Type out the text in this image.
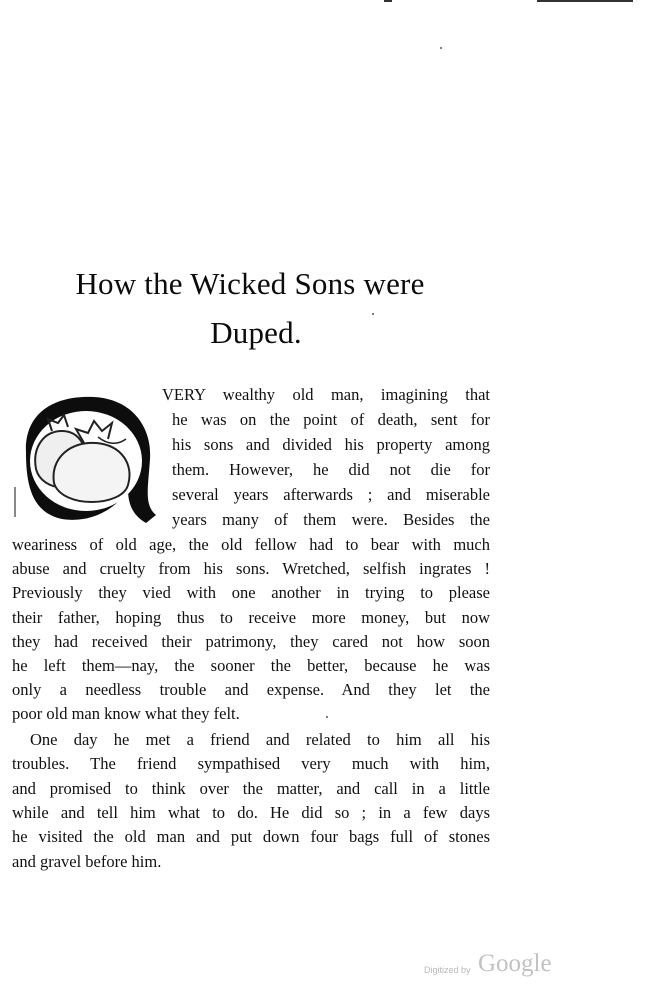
How the Wicked Sons were
Duped.
VERY wealthy old man, imagining that
he was on the point of death, sent for
his sons and divided his property among
them. However, he did not die for
several years afterwards ; and miserable
years many of them were. Besides the
weariness of old age, the old fellow had to bear with much
abuse and cruelty from his sons. Wretched, selfish ingrates !
Previously they vied with one another in trying to please
their father, hoping thus to receive more money, but now
they had received their patrimony, they cared not how soon
he left them—nay, the sooner the better, because he was
only a needless trouble and expense. And they let the
poor old man know what they felt.
One day he met a friend and related to him all his
troubles. The friend sympathised very much with him,
and promised to think over the matter, and call in a little
while and tell him what to do. He did so ; in a few days
he visited the old man and put down four bags full of stones
and gravel before him.
Digitized by Google
